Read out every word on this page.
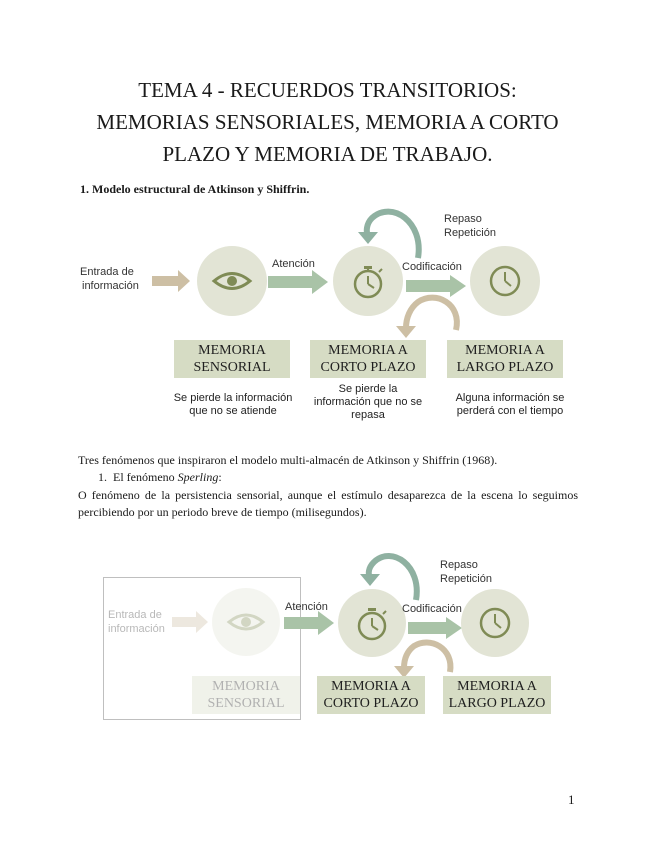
TEMA 4 - RECUERDOS TRANSITORIOS:
MEMORIAS SENSORIALES, MEMORIA A CORTO
PLAZO Y MEMORIA DE TRABAJO.
1. Modelo estructural de Atkinson y Shiffrin.
Entrada de
información
Atención	Codificación
Repaso
Repetición
MEMORIA
SENSORIAL
MEMORIA A
CORTO PLAZO
MEMORIA A
LARGO PLAZO
Se pierde la información
que no se atiende
Se pierde la
información que no se
repasa
Alguna información se
perderá con el tiempo

Tres fenómenos que inspiraron el modelo multi-almacén de Atkinson y Shiffrin (1968).

1. El fenómeno Sperling:

O fenómeno de la persistencia sensorial, aunque el estímulo desaparezca de la escena lo seguimos percibiendo por un periodo breve de tiempo (milisegundos).

Entrada de
información
Atención	Codificación
Repaso
Repetición
MEMORIA
SENSORIAL
MEMORIA A
CORTO PLAZO
MEMORIA A
LARGO PLAZO
1
